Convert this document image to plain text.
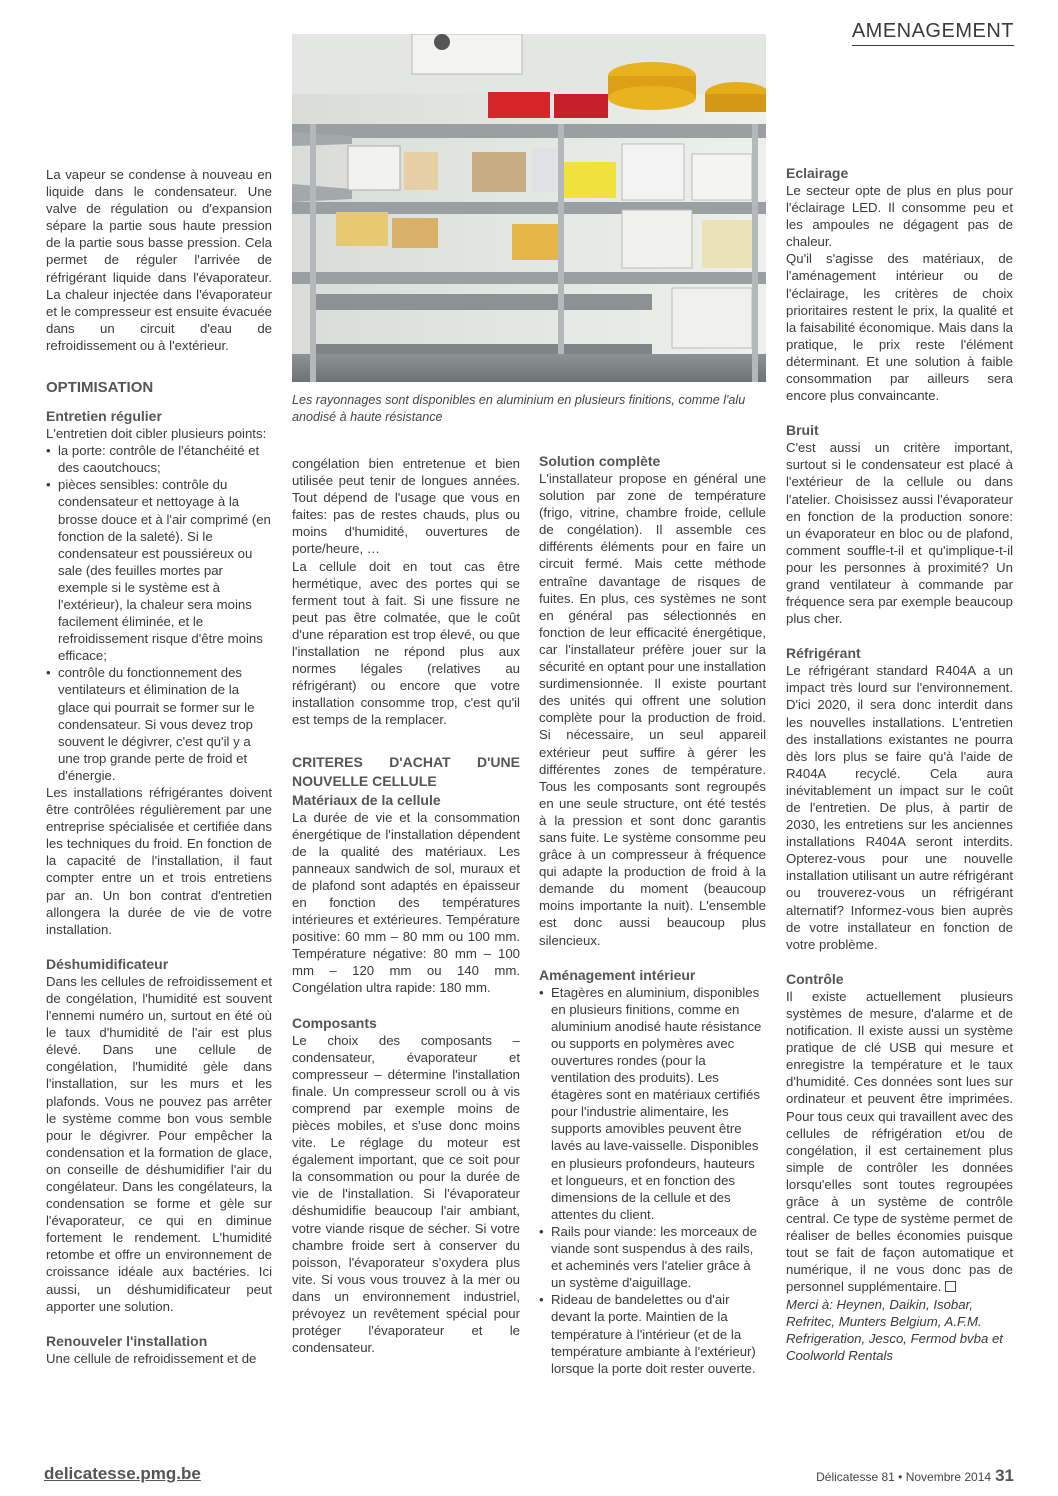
AMENAGEMENT
Les rayonnages sont disponibles en aluminium en plusieurs finitions, comme l'alu anodisé à haute résistance

La vapeur se condense à nouveau en liquide dans le condensateur. Une valve de régulation ou d'expansion sépare la partie sous haute pression de la partie sous basse pression. Cela permet de réguler l'arrivée de réfrigérant liquide dans l'évaporateur. La chaleur injectée dans l'évaporateur et le compresseur est ensuite évacuée dans un circuit d'eau de refroidissement ou à l'extérieur.

OPTIMISATION
Entretien régulier

L'entretien doit cibler plusieurs points:

• la porte: contrôle de l'étanchéité et des caoutchoucs;
• pièces sensibles: contrôle du condensateur et nettoyage à la brosse douce et à l'air comprimé (en fonction de la saleté). Si le condensateur est poussiéreux ou sale (des feuilles mortes par exemple si le système est à l'extérieur), la chaleur sera moins facilement éliminée, et le refroidissement risque d'être moins efficace;
• contrôle du fonctionnement des ventilateurs et élimination de la glace qui pourrait se former sur le condensateur. Si vous devez trop souvent le dégivrer, c'est qu'il y a une trop grande perte de froid et d'énergie.

Les installations réfrigérantes doivent être contrôlées régulièrement par une entreprise spécialisée et certifiée dans les techniques du froid. En fonction de la capacité de l'installation, il faut compter entre un et trois entretiens par an. Un bon contrat d'entretien allongera la durée de vie de votre installation.

Déshumidificateur

Dans les cellules de refroidissement et de congélation, l'humidité est souvent l'ennemi numéro un, surtout en été où le taux d'humidité de l'air est plus élevé. Dans une cellule de congélation, l'humidité gèle dans l'installation, sur les murs et les plafonds. Vous ne pouvez pas arrêter le système comme bon vous semble pour le dégivrer. Pour empêcher la condensation et la formation de glace, on conseille de déshumidifier l'air du congélateur. Dans les congélateurs, la condensation se forme et gèle sur l'évaporateur, ce qui en diminue fortement le rendement. L'humidité retombe et offre un environnement de croissance idéale aux bactéries. Ici aussi, un déshumidificateur peut apporter une solution.

Renouveler l'installation

Une cellule de refroidissement et de

congélation bien entretenue et bien utilisée peut tenir de longues années. Tout dépend de l'usage que vous en faites: pas de restes chauds, plus ou moins d'humidité, ouvertures de porte/heure, …

La cellule doit en tout cas être hermétique, avec des portes qui se ferment tout à fait. Si une fissure ne peut pas être colmatée, que le coût d'une réparation est trop élevé, ou que l'installation ne répond plus aux normes légales (relatives au réfrigérant) ou encore que votre installation consomme trop, c'est qu'il est temps de la remplacer.

CRITERES D'ACHAT D'UNE NOUVELLE CELLULE
Matériaux de la cellule

La durée de vie et la consommation énergétique de l'installation dépendent de la qualité des matériaux. Les panneaux sandwich de sol, muraux et de plafond sont adaptés en épaisseur en fonction des températures intérieures et extérieures. Température positive: 60 mm – 80 mm ou 100 mm. Température négative: 80 mm – 100 mm – 120 mm ou 140 mm. Congélation ultra rapide: 180 mm.

Composants

Le choix des composants – condensateur, évaporateur et compresseur – détermine l'installation finale. Un compresseur scroll ou à vis comprend par exemple moins de pièces mobiles, et s'use donc moins vite. Le réglage du moteur est également important, que ce soit pour la consommation ou pour la durée de vie de l'installation. Si l'évaporateur déshumidifie beaucoup l'air ambiant, votre viande risque de sécher. Si votre chambre froide sert à conserver du poisson, l'évaporateur s'oxydera plus vite. Si vous vous trouvez à la mer ou dans un environnement industriel, prévoyez un revêtement spécial pour protéger l'évaporateur et le condensateur.

Solution complète

L'installateur propose en général une solution par zone de température (frigo, vitrine, chambre froide, cellule de congélation). Il assemble ces différents éléments pour en faire un circuit fermé. Mais cette méthode entraîne davantage de risques de fuites. En plus, ces systèmes ne sont en général pas sélectionnés en fonction de leur efficacité énergétique, car l'installateur préfère jouer sur la sécurité en optant pour une installation surdimensionnée. Il existe pourtant des unités qui offrent une solution complète pour la production de froid. Si nécessaire, un seul appareil extérieur peut suffire à gérer les différentes zones de température. Tous les composants sont regroupés en une seule structure, ont été testés à la pression et sont donc garantis sans fuite. Le système consomme peu grâce à un compresseur à fréquence qui adapte la production de froid à la demande du moment (beaucoup moins importante la nuit). L'ensemble est donc aussi beaucoup plus silencieux.

Aménagement intérieur
• Etagères en aluminium, disponibles en plusieurs finitions, comme en aluminium anodisé haute résistance ou supports en polymères avec ouvertures rondes (pour la ventilation des produits). Les étagères sont en matériaux certifiés pour l'industrie alimentaire, les supports amovibles peuvent être lavés au lave-vaisselle. Disponibles en plusieurs profondeurs, hauteurs et longueurs, et en fonction des dimensions de la cellule et des attentes du client.
• Rails pour viande: les morceaux de viande sont suspendus à des rails, et acheminés vers l'atelier grâce à un système d'aiguillage.
• Rideau de bandelettes ou d'air devant la porte. Maintien de la température à l'intérieur (et de la température ambiante à l'extérieur) lorsque la porte doit rester ouverte.
Eclairage

Le secteur opte de plus en plus pour l'éclairage LED. Il consomme peu et les ampoules ne dégagent pas de chaleur.

Qu'il s'agisse des matériaux, de l'aménagement intérieur ou de l'éclairage, les critères de choix prioritaires restent le prix, la qualité et la faisabilité économique. Mais dans la pratique, le prix reste l'élément déterminant. Et une solution à faible consommation par ailleurs sera encore plus convaincante.

Bruit

C'est aussi un critère important, surtout si le condensateur est placé à l'extérieur de la cellule ou dans l'atelier. Choisissez aussi l'évaporateur en fonction de la production sonore: un évaporateur en bloc ou de plafond, comment souffle-t-il et qu'implique-t-il pour les personnes à proximité? Un grand ventilateur à commande par fréquence sera par exemple beaucoup plus cher.

Réfrigérant

Le réfrigérant standard R404A a un impact très lourd sur l'environnement. D'ici 2020, il sera donc interdit dans les nouvelles installations. L'entretien des installations existantes ne pourra dès lors plus se faire qu'à l'aide de R404A recyclé. Cela aura inévitablement un impact sur le coût de l'entretien. De plus, à partir de 2030, les entretiens sur les anciennes installations R404A seront interdits. Opterez-vous pour une nouvelle installation utilisant un autre réfrigérant ou trouverez-vous un réfrigérant alternatif? Informez-vous bien auprès de votre installateur en fonction de votre problème.

Contrôle

Il existe actuellement plusieurs systèmes de mesure, d'alarme et de notification. Il existe aussi un système pratique de clé USB qui mesure et enregistre la température et le taux d'humidité. Ces données sont lues sur ordinateur et peuvent être imprimées. Pour tous ceux qui travaillent avec des cellules de réfrigération et/ou de congélation, il est certainement plus simple de contrôler les données lorsqu'elles sont toutes regroupées grâce à un système de contrôle central. Ce type de système permet de réaliser de belles économies puisque tout se fait de façon automatique et numérique, il ne vous donc pas de personnel supplémentaire.

Merci à: Heynen, Daikin, Isobar, Refritec, Munters Belgium, A.F.M. Refrigeration, Jesco, Fermod bvba et Coolworld Rentals

delicatesse.pmg.be	Délicatesse 81 • Novembre 2014 31
